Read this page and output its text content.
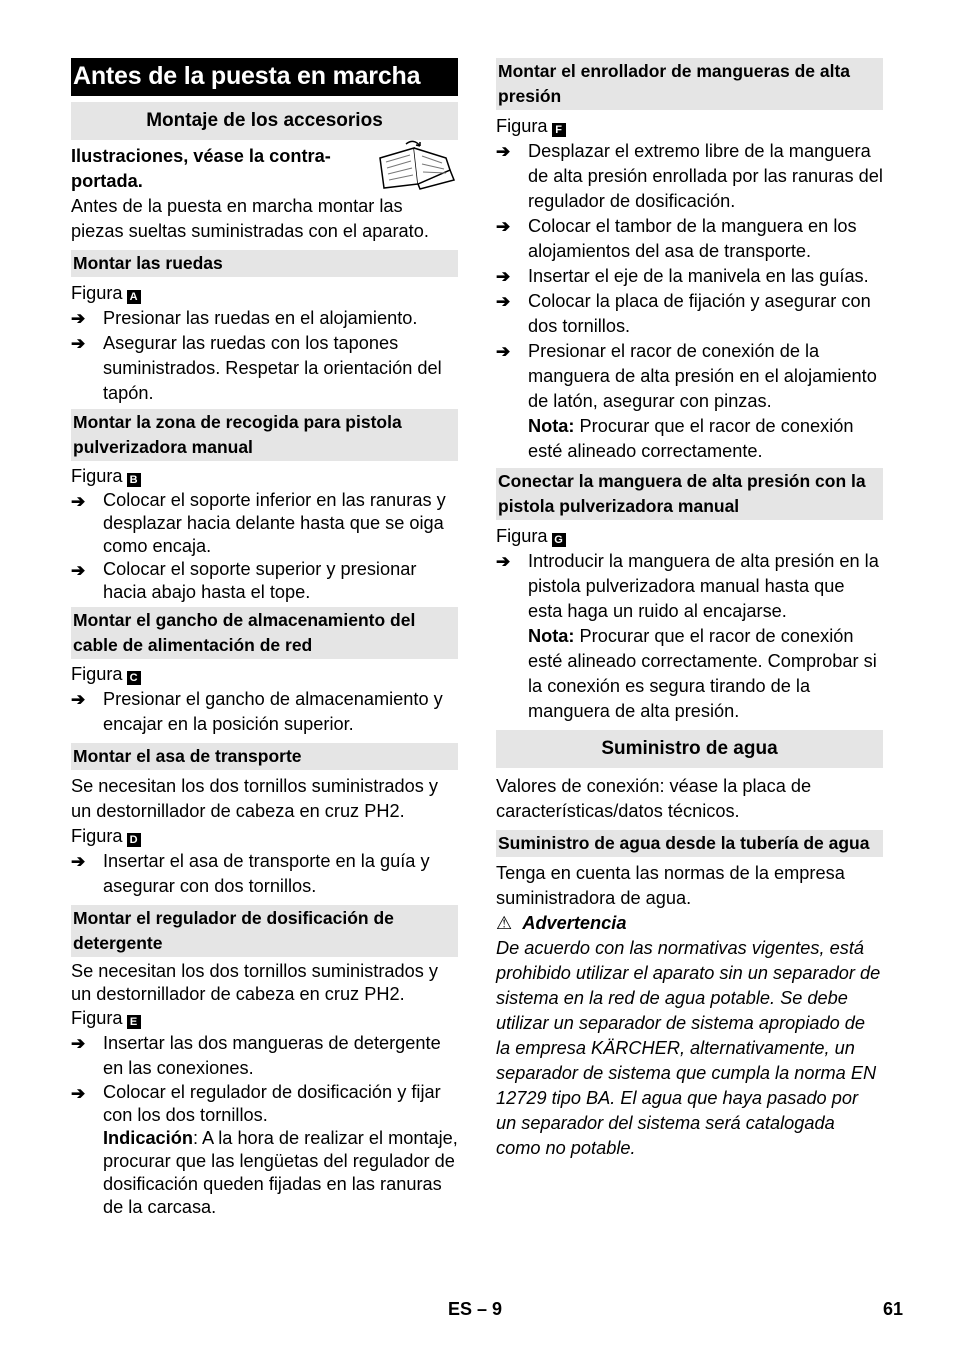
Antes de la puesta en marcha
Montaje de los accesorios

Ilustraciones, véase la contra-portada.

Antes de la puesta en marcha montar las piezas sueltas suministradas con el aparato.

Montar las ruedas
Figura A
➔ Presionar las ruedas en el alojamiento.
➔ Asegurar las ruedas con los tapones suministrados. Respetar la orientación del tapón.
Montar la zona de recogida para pistola pulverizadora manual
Figura B
➔ Colocar el soporte inferior en las ranuras y desplazar hacia delante hasta que se oiga como encaja.
➔ Colocar el soporte superior y presionar hacia abajo hasta el tope.
Montar el gancho de almacenamiento del cable de alimentación de red
Figura C
➔ Presionar el gancho de almacenamiento y encajar en la posición superior.
Montar el asa de transporte

Se necesitan los dos tornillos suministrados y un destornillador de cabeza en cruz PH2.

Figura D
➔ Insertar el asa de transporte en la guía y asegurar con dos tornillos.
Montar el regulador de dosificación de detergente

Se necesitan los dos tornillos suministrados y un destornillador de cabeza en cruz PH2.

Figura E
➔ Insertar las dos mangueras de detergente en las conexiones.
➔ Colocar el regulador de dosificación y fijar con los dos tornillos.
Indicación: A la hora de realizar el montaje, procurar que las lengüetas del regulador de dosificación queden fijadas en las ranuras de la carcasa.
Montar el enrollador de mangueras de alta presión
Figura F
➔ Desplazar el extremo libre de la manguera de alta presión enrollada por las ranuras del regulador de dosificación.
➔ Colocar el tambor de la manguera en los alojamientos del asa de transporte.
➔ Insertar el eje de la manivela en las guías.
➔ Colocar la placa de fijación y asegurar con dos tornillos.
➔ Presionar el racor de conexión de la manguera de alta presión en el alojamiento de latón, asegurar con pinzas.
Nota: Procurar que el racor de conexión esté alineado correctamente.
Conectar la manguera de alta presión con la pistola pulverizadora manual
Figura G
➔ Introducir la manguera de alta presión en la pistola pulverizadora manual hasta que esta haga un ruido al encajarse.
Nota: Procurar que el racor de conexión esté alineado correctamente. Comprobar si la conexión es segura tirando de la manguera de alta presión.
Suministro de agua

Valores de conexión: véase la placa de características/datos técnicos.

Suministro de agua desde la tubería de agua

Tenga en cuenta las normas de la empresa suministradora de agua.

⚠ Advertencia

De acuerdo con las normativas vigentes, está prohibido utilizar el aparato sin un separador de sistema en la red de agua potable. Se debe utilizar un separador de sistema apropiado de la empresa KÄRCHER, alternativamente, un separador de sistema que cumpla la norma EN 12729 tipo BA. El agua que haya pasado por un separador del sistema será catalogada como no potable.

ES – 9	61
